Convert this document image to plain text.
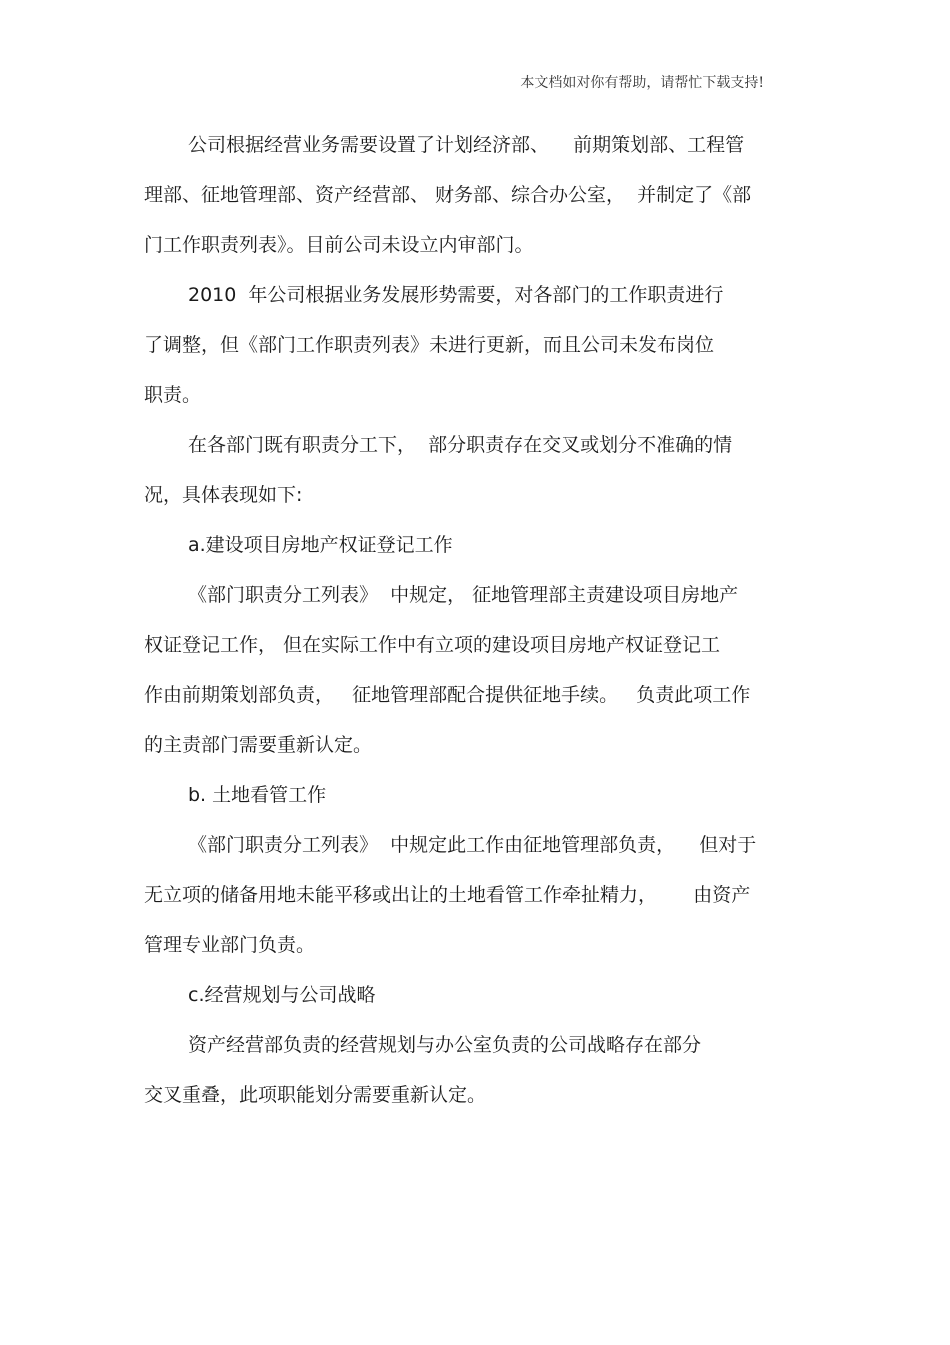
本文档如对你有帮助，请帮忙下载支持!
公司根据经营业务需要设置了计划经济部、    前期策划部、工程管
理部、征地管理部、资产经营部、 财务部、综合办公室，  并制定了《部
门工作职责列表》。目前公司未设立内审部门。
2010  年公司根据业务发展形势需要，对各部门的工作职责进行
了调整，但《部门工作职责列表》未进行更新，而且公司未发布岗位
职责。
在各部门既有职责分工下，  部分职责存在交叉或划分不准确的情
况，具体表现如下:
a.建设项目房地产权证登记工作
《部门职责分工列表》  中规定， 征地管理部主责建设项目房地产
权证登记工作， 但在实际工作中有立项的建设项目房地产权证登记工
作由前期策划部负责，   征地管理部配合提供征地手续。   负责此项工作
的主责部门需要重新认定。
b. 土地看管工作
《部门职责分工列表》  中规定此工作由征地管理部负责，    但对于
无立项的储备用地未能平移或出让的土地看管工作牵扯精力，      由资产
管理专业部门负责。
c.经营规划与公司战略
资产经营部负责的经营规划与办公室负责的公司战略存在部分
交叉重叠，此项职能划分需要重新认定。
